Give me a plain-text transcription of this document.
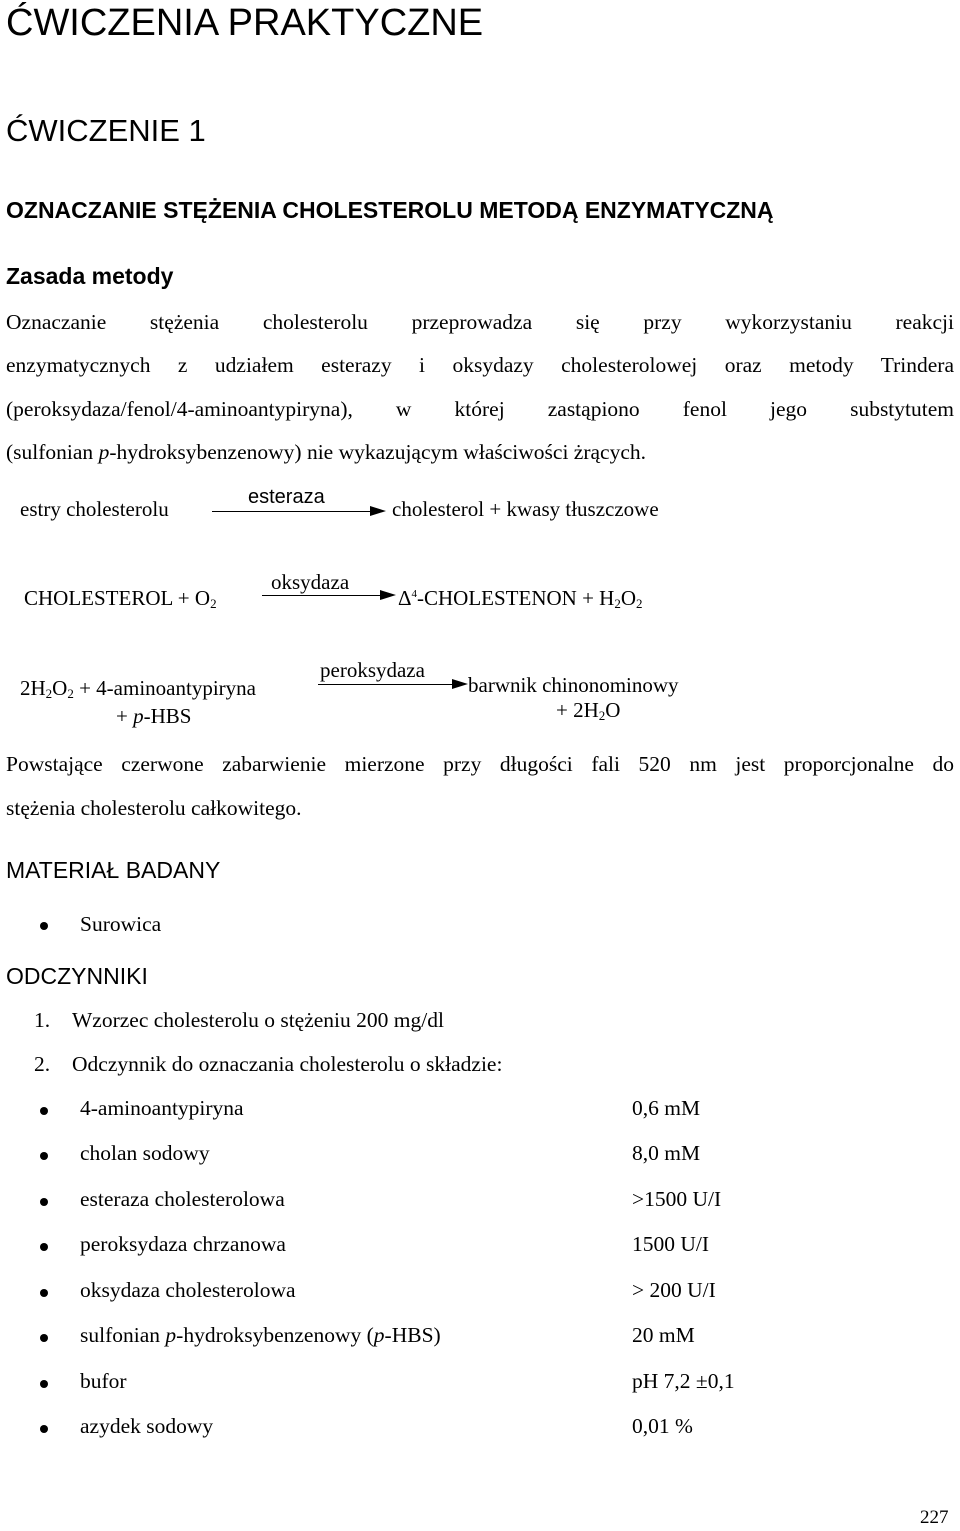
ĆWICZENIA PRAKTYCZNE
ĆWICZENIE 1
OZNACZANIE STĘŻENIA CHOLESTEROLU METODĄ ENZYMATYCZNĄ
Zasada metody
Oznaczanie stężenia cholesterolu przeprowadza się przy wykorzystaniu reakcji
enzymatycznych z udziałem esterazy i oksydazy cholesterolowej oraz metody Trindera
(peroksydaza/fenol/4-aminoantypiryna), w której zastąpiono fenol jego substytutem
(sulfonian p-hydroksybenzenowy) nie wykazującym właściwości żrących.
estry cholesterolu	esteraza	cholesterol + kwasy tłuszczowe
CHOLESTEROL + $O_2$
oksydaza
$\Delta^4$-CHOLESTENON + $H_2O_2$
$2H_2O_2$ + 4-aminoantypiryna
+ p-HBS
peroksydaza
barwnik chinonominowy
+ $2H_2O$
Powstające czerwone zabarwienie mierzone przy długości fali 520 nm jest proporcjonalne do
stężenia cholesterolu całkowitego.
MATERIAŁ BADANY
Surowica
ODCZYNNIKI
1. Wzorzec cholesterolu o stężeniu 200 mg/dl
2. Odczynnik do oznaczania cholesterolu o składzie:
4-aminoantypiryna	0,6 mM
cholan sodowy	8,0 mM
esteraza cholesterolowa	>1500 U/I
peroksydaza chrzanowa	1500 U/I
oksydaza cholesterolowa	> 200 U/I
sulfonian p-hydroksybenzenowy (p-HBS)	20 mM
bufor	pH 7,2 ±0,1
azydek sodowy	0,01 %
227
